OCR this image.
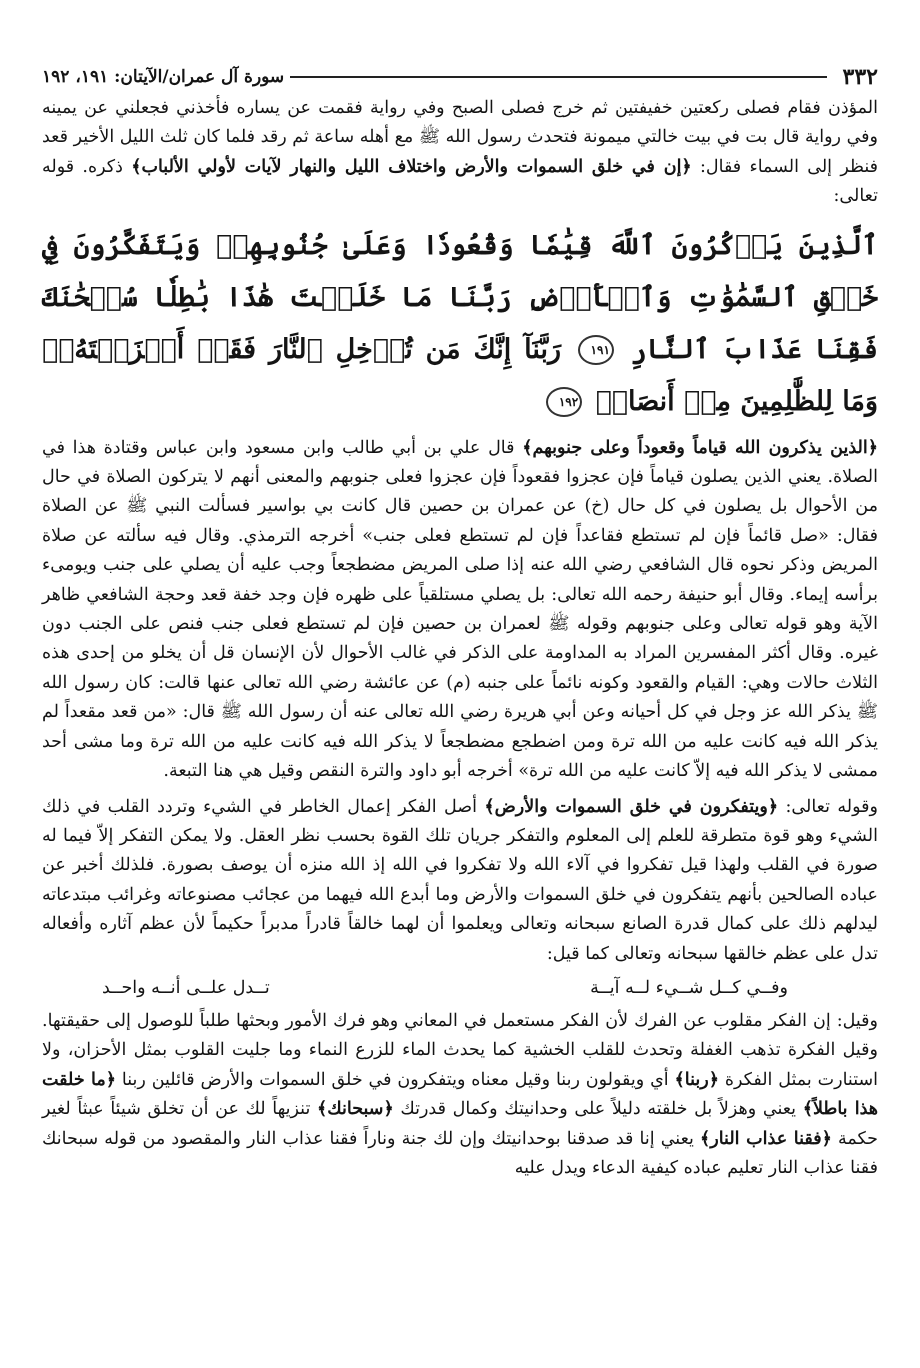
٣٣٢
سورة آل عمران/الآيتان: ١٩١، ١٩٢

المؤذن فقام فصلى ركعتين خفيفتين ثم خرج فصلى الصبح وفي رواية فقمت عن يساره فأخذني فجعلني عن يمينه وفي رواية قال بت في بيت خالتي ميمونة فتحدث رسول الله ﷺ مع أهله ساعة ثم رقد فلما كان ثلث الليل الأخير قعد فنظر إلى السماء فقال: ﴿إن في خلق السموات والأرض واختلاف الليل والنهار لآيات لأولي الألباب﴾ ذكره. قوله تعالى:

ٱلَّذِينَ يَذۡكُرُونَ ٱللَّهَ قِيَٰمٗا وَقُعُودٗا وَعَلَىٰ جُنُوبِهِمۡ وَيَتَفَكَّرُونَ فِي خَلۡقِ ٱلسَّمَٰوَٰتِ وَٱلۡأَرۡضِ رَبَّنَا مَا خَلَقۡتَ هَٰذَا بَٰطِلٗا سُبۡحَٰنَكَ فَقِنَا عَذَابَ ٱلنَّارِ ١٩١ رَبَّنَآ إِنَّكَ مَن تُدۡخِلِ ٱلنَّارَ فَقَدۡ أَخۡزَيۡتَهُۥۖ وَمَا لِلظَّٰلِمِينَ مِنۡ أَنصَارٖ ١٩٢

﴿الذين يذكرون الله قياماً وقعوداً وعلى جنوبهم﴾ قال علي بن أبي طالب وابن مسعود وابن عباس وقتادة هذا في الصلاة. يعني الذين يصلون قياماً فإن عجزوا فقعوداً فإن عجزوا فعلى جنوبهم والمعنى أنهم لا يتركون الصلاة في حال من الأحوال بل يصلون في كل حال (خ) عن عمران بن حصين قال كانت بي بواسير فسألت النبي ﷺ عن الصلاة فقال: «صل قائماً فإن لم تستطع فقاعداً فإن لم تستطع فعلى جنب» أخرجه الترمذي. وقال فيه سألته عن صلاة المريض وذكر نحوه قال الشافعي رضي الله عنه إذا صلى المريض مضطجعاً وجب عليه أن يصلي على جنب ويومىء برأسه إيماء. وقال أبو حنيفة رحمه الله تعالى: بل يصلي مستلقياً على ظهره فإن وجد خفة قعد وحجة الشافعي ظاهر الآية وهو قوله تعالى وعلى جنوبهم وقوله ﷺ لعمران بن حصين فإن لم تستطع فعلى جنب فنص على الجنب دون غيره. وقال أكثر المفسرين المراد به المداومة على الذكر في غالب الأحوال لأن الإنسان قل أن يخلو من إحدى هذه الثلاث حالات وهي: القيام والقعود وكونه نائماً على جنبه (م) عن عائشة رضي الله تعالى عنها قالت: كان رسول الله ﷺ يذكر الله عز وجل في كل أحيانه وعن أبي هريرة رضي الله تعالى عنه أن رسول الله ﷺ قال: «من قعد مقعداً لم يذكر الله فيه كانت عليه من الله ترة ومن اضطجع مضطجعاً لا يذكر الله فيه كانت عليه من الله ترة وما مشى أحد ممشى لا يذكر الله فيه إلاّ كانت عليه من الله ترة» أخرجه أبو داود والترة النقص وقيل هي هنا التبعة.

وقوله تعالى: ﴿ويتفكرون في خلق السموات والأرض﴾ أصل الفكر إعمال الخاطر في الشيء وتردد القلب في ذلك الشيء وهو قوة متطرقة للعلم إلى المعلوم والتفكر جريان تلك القوة بحسب نظر العقل. ولا يمكن التفكر إلاّ فيما له صورة في القلب ولهذا قيل تفكروا في آلاء الله ولا تفكروا في الله إذ الله منزه أن يوصف بصورة. فلذلك أخبر عن عباده الصالحين بأنهم يتفكرون في خلق السموات والأرض وما أبدع الله فيهما من عجائب مصنوعاته وغرائب مبتدعاته ليدلهم ذلك على كمال قدرة الصانع سبحانه وتعالى ويعلموا أن لهما خالقاً قادراً مدبراً حكيماً لأن عظم آثاره وأفعاله تدل على عظم خالقها سبحانه وتعالى كما قيل:

وفــي كــل شــيء لــه آيــة
تــدل علــى أنــه واحــد

وقيل: إن الفكر مقلوب عن الفرك لأن الفكر مستعمل في المعاني وهو فرك الأمور وبحثها طلباً للوصول إلى حقيقتها. وقيل الفكرة تذهب الغفلة وتحدث للقلب الخشية كما يحدث الماء للزرع النماء وما جليت القلوب بمثل الأحزان، ولا استنارت بمثل الفكرة ﴿ربنا﴾ أي ويقولون ربنا وقيل معناه ويتفكرون في خلق السموات والأرض قائلين ربنا ﴿ما خلقت هذا باطلاً﴾ يعني وهزلاً بل خلقته دليلاً على وحدانيتك وكمال قدرتك ﴿سبحانك﴾ تنزيهاً لك عن أن تخلق شيئاً عبثاً لغير حكمة ﴿فقنا عذاب النار﴾ يعني إنا قد صدقنا بوحدانيتك وإن لك جنة وناراً فقنا عذاب النار والمقصود من قوله سبحانك فقنا عذاب النار تعليم عباده كيفية الدعاء ويدل عليه
